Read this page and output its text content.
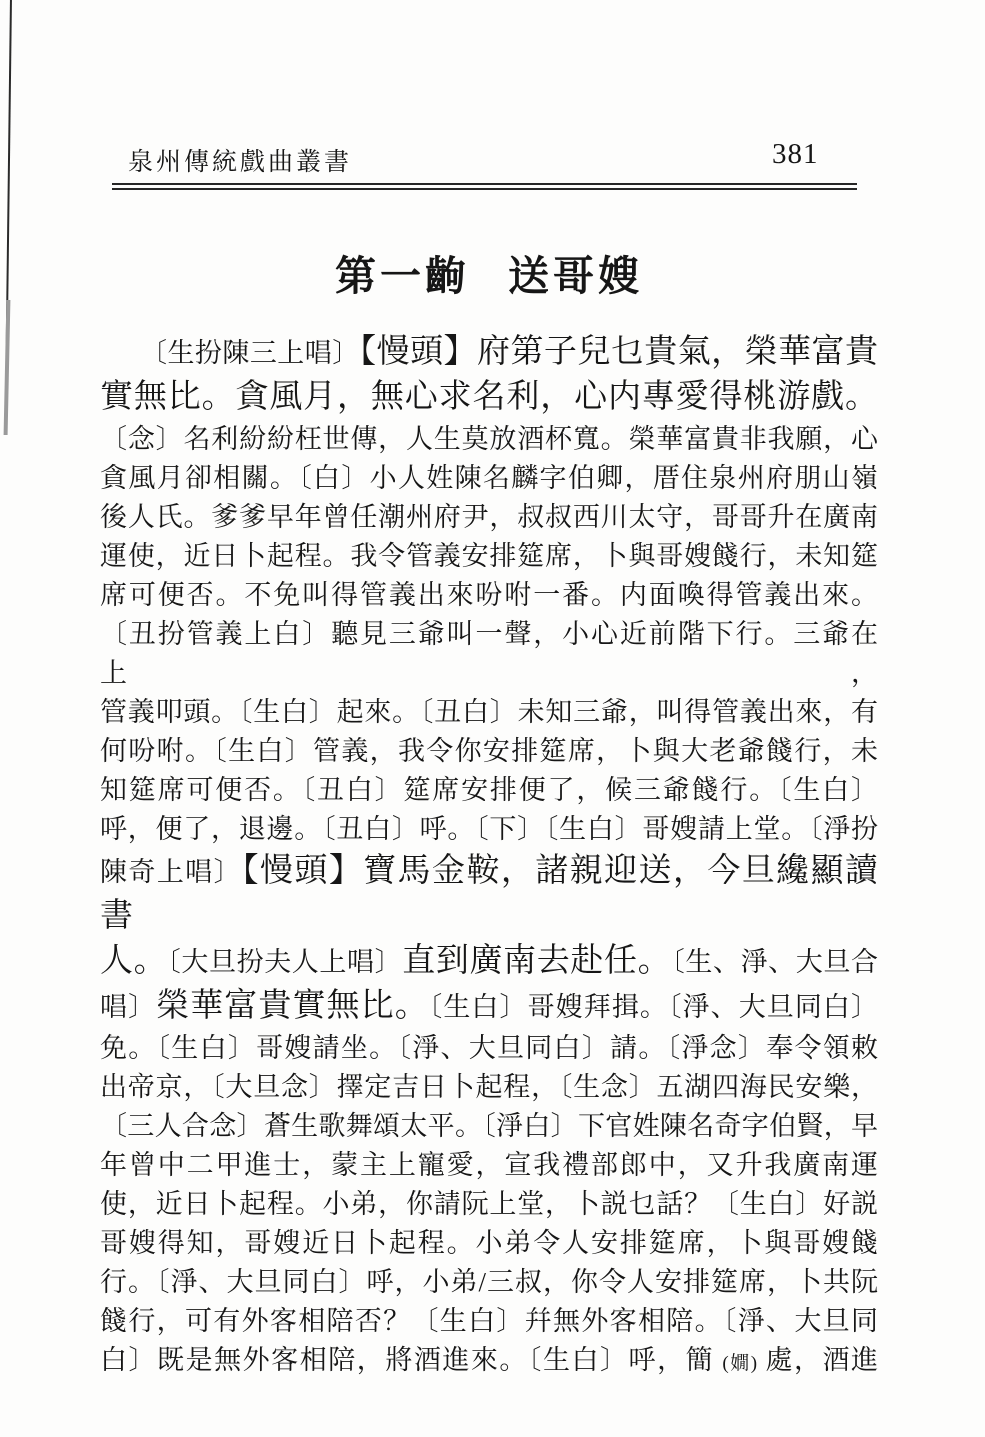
泉州傳統戲曲叢書	381
第一齣 送哥嫂
〔生扮陳三上唱〕【慢頭】府第子兒乜貴氣，榮華富貴
實無比。貪風月，無心求名利，心内專愛得桃游戲。
〔念〕名利紛紛枉世傳，人生莫放酒杯寬。榮華富貴非我願，心
貪風月卻相關。〔白〕小人姓陳名麟字伯卿，厝住泉州府朋山嶺
後人氏。爹爹早年曾任潮州府尹，叔叔西川太守，哥哥升在廣南
運使，近日卜起程。我令管義安排筵席，卜與哥嫂餞行，未知筵
席可便否。不免叫得管義出來吩咐一番。内面喚得管義出來。
〔丑扮管義上白〕聽見三爺叫一聲，小心近前階下行。三爺在上，
管義叩頭。〔生白〕起來。〔丑白〕未知三爺，叫得管義出來，有
何吩咐。〔生白〕管義，我令你安排筵席，卜與大老爺餞行，未
知筵席可便否。〔丑白〕筵席安排便了，候三爺餞行。〔生白〕
呼，便了，退邊。〔丑白〕呼。〔下〕〔生白〕哥嫂請上堂。〔淨扮
陳奇上唱〕【慢頭】寶馬金鞍，諸親迎送，今旦纔顯讀書
人。〔大旦扮夫人上唱〕直到廣南去赴任。〔生、淨、大旦合
唱〕榮華富貴實無比。〔生白〕哥嫂拜揖。〔淨、大旦同白〕
免。〔生白〕哥嫂請坐。〔淨、大旦同白〕請。〔淨念〕奉令領敕
出帝京，〔大旦念〕擇定吉日卜起程，〔生念〕五湖四海民安樂，
〔三人合念〕蒼生歌舞頌太平。〔淨白〕下官姓陳名奇字伯賢，早
年曾中二甲進士，蒙主上寵愛，宣我禮部郎中，又升我廣南運
使，近日卜起程。小弟，你請阮上堂，卜説乜話？〔生白〕好説
哥嫂得知，哥嫂近日卜起程。小弟令人安排筵席，卜與哥嫂餞
行。〔淨、大旦同白〕呼，小弟/三叔，你令人安排筵席，卜共阮
餞行，可有外客相陪否？〔生白〕幷無外客相陪。〔淨、大旦同
白〕既是無外客相陪，將酒進來。〔生白〕呼，簡 (嫺) 處，酒進
